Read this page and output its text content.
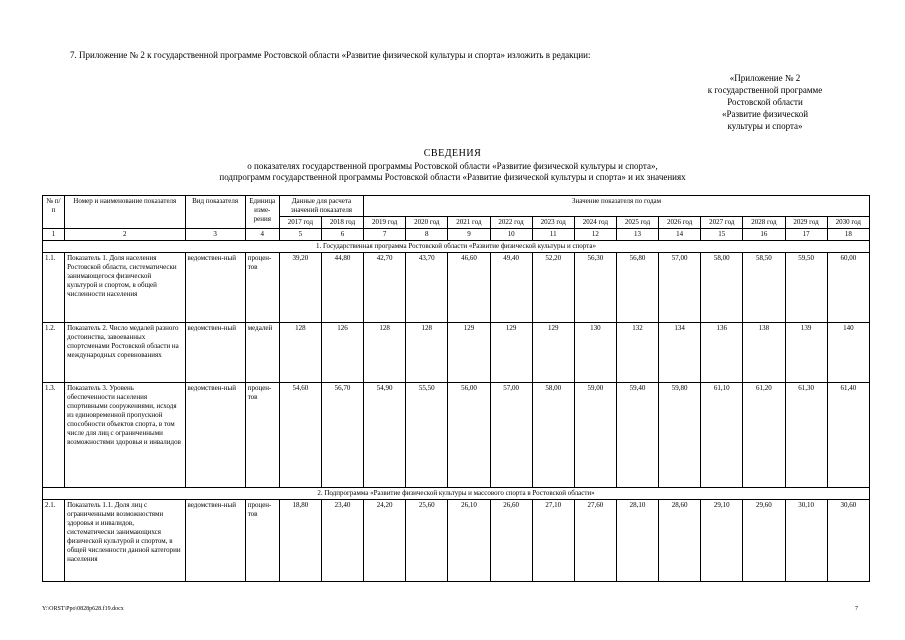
7. Приложение № 2 к государственной программе Ростовской области «Развитие физической культуры и спорта» изложить в редакции:
«Приложение № 2
к государственной программе
Ростовской области
«Развитие физической
культуры и спорта»
СВЕДЕНИЯ
о показателях государственной программы Ростовской области «Развитие физической культуры и спорта»,
подпрограмм государственной программы Ростовской области «Развитие физической культуры и спорта» и их значениях
№ п/п	Номер и наименование показателя	Вид показателя	Единица изме-рения	Данные для расчета значений показателя		Значение показателя по годам											
				2017 год	2018 год	2019 год	2020 год	2021 год	2022 год	2023 год	2024 год	2025 год	2026 год	2027 год	2028 год	2029 год	2030 год
1	2	3	4	5	6	7	8	9	10	11	12	13	14	15	16	17	18
1. Государственная программа Ростовской области «Развитие физической культуры и спорта»																	
1.1.	Показатель 1. Доля населения Ростовской области, систематически занимающегося физической культурой и спортом, в общей численности населения	ведомствен-ный	процен-тов	39,20	44,80	42,70	43,70	46,60	49,40	52,20	56,30	56,80	57,00	58,00	58,50	59,50	60,00
1.2.	Показатель 2. Число медалей разного достоинства, завоеванных спортсменами Ростовской области на международных соревнованиях	ведомствен-ный	медалей	128	126	128	128	129	129	129	130	132	134	136	138	139	140
1.3.	Показатель 3. Уровень обеспеченности населения спортивными сооружениями, исходя из единовременной пропускной способности объектов спорта, в том числе для лиц с ограниченными возможностями здоровья и инвалидов	ведомствен-ный	процен-тов	54,60	56,70	54,90	55,50	56,00	57,00	58,00	59,00	59,40	59,80	61,10	61,20	61,30	61,40
2. Подпрограмма «Развитие физической культуры и массового спорта в Ростовской области»																	
2.1.	Показатель 1.1. Доля лиц с ограниченными возможностями здоровья и инвалидов, систематически занимающихся физической культурой и спортом, в общей численности данной категории населения	ведомствен-ный	процен-тов	18,80	23,40	24,20	25,60	26,10	26,60	27,10	27,60	28,10	28,60	29,10	29,60	30,10	30,60
Y:\ORST\Ppo\0828p628.f19.docx	7
